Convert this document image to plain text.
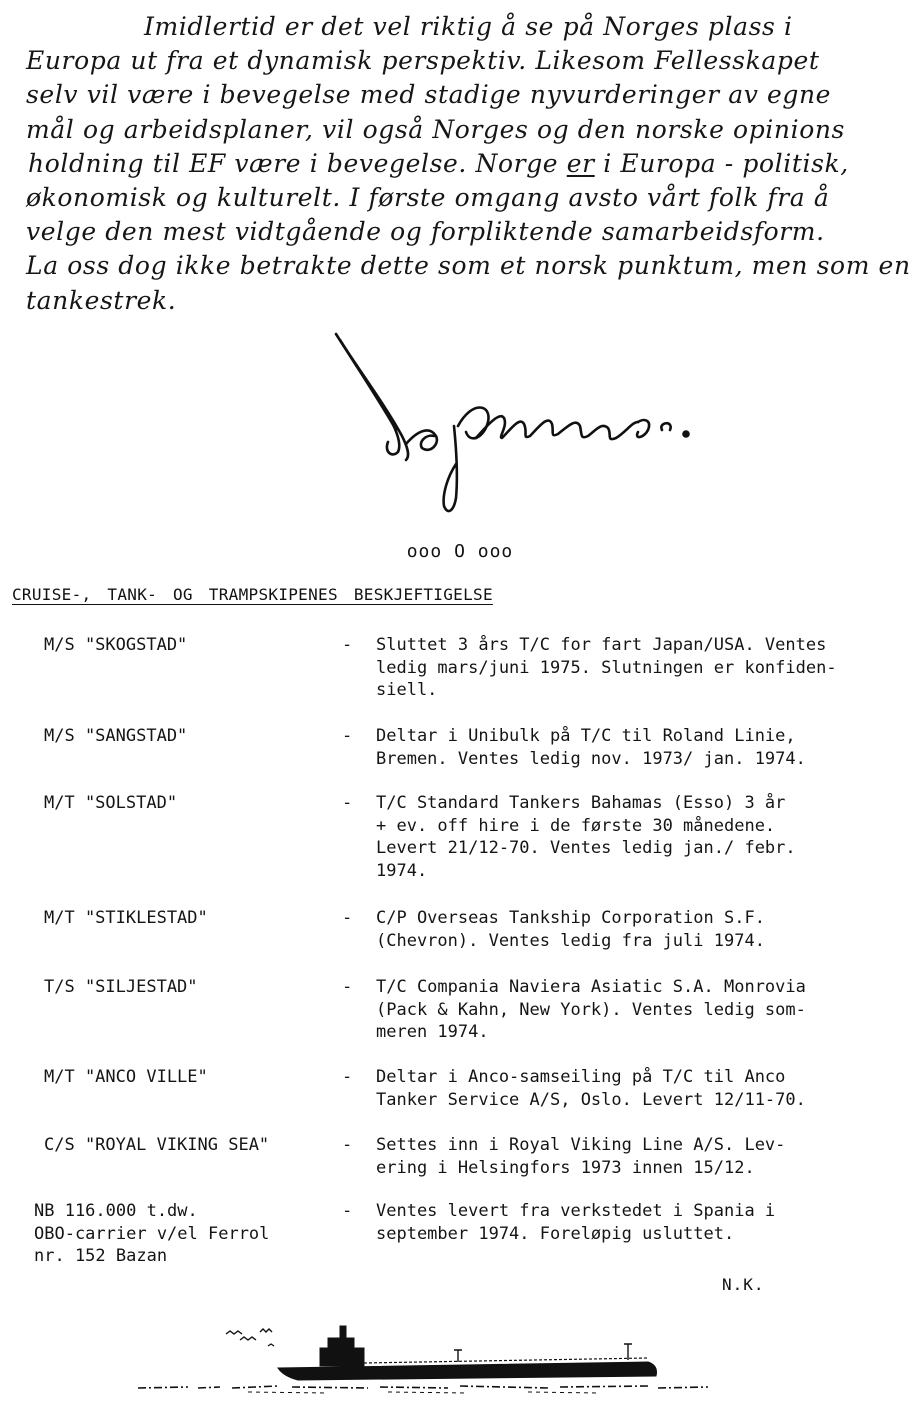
Imidlertid er det vel riktig å se på Norges plass i
Europa ut fra et dynamisk perspektiv. Likesom Fellesskapet
selv vil være i bevegelse med stadige nyvurderinger av egne
mål og arbeidsplaner, vil også Norges og den norske opinions
holdning til EF være i bevegelse. Norge er i Europa - politisk,
økonomisk og kulturelt. I første omgang avsto vårt folk fra å
velge den mest vidtgående og forpliktende samarbeidsform.
La oss dog ikke betrakte dette som et norsk punktum, men som en
tankestrek.
ooo O ooo
CRUISE-, TANK- OG TRAMPSKIPENES BESKJEFTIGELSE
M/S "SKOGSTAD"	- Sluttet 3 års T/C for fart Japan/USA. Ventes
ledig mars/juni 1975. Slutningen er konfiden-
siell.
M/S "SANGSTAD"	- Deltar i Unibulk på T/C til Roland Linie,
Bremen. Ventes ledig nov. 1973/ jan. 1974.
M/T "SOLSTAD"	- T/C Standard Tankers Bahamas (Esso) 3 år
+ ev. off hire i de første 30 månedene.
Levert 21/12-70. Ventes ledig jan./ febr.
1974.
M/T "STIKLESTAD"	- C/P Overseas Tankship Corporation S.F.
(Chevron). Ventes ledig fra juli 1974.
T/S "SILJESTAD"	- T/C Compania Naviera Asiatic S.A. Monrovia
(Pack & Kahn, New York). Ventes ledig som-
meren 1974.
M/T "ANCO VILLE"	- Deltar i Anco-samseiling på T/C til Anco
Tanker Service A/S, Oslo. Levert 12/11-70.
C/S "ROYAL VIKING SEA"	- Settes inn i Royal Viking Line A/S. Lev-
ering i Helsingfors 1973 innen 15/12.
NB 116.000 t.dw.
OBO-carrier v/el Ferrol
nr. 152 Bazan
- Ventes levert fra verkstedet i Spania i
september 1974. Foreløpig usluttet.
N.K.
